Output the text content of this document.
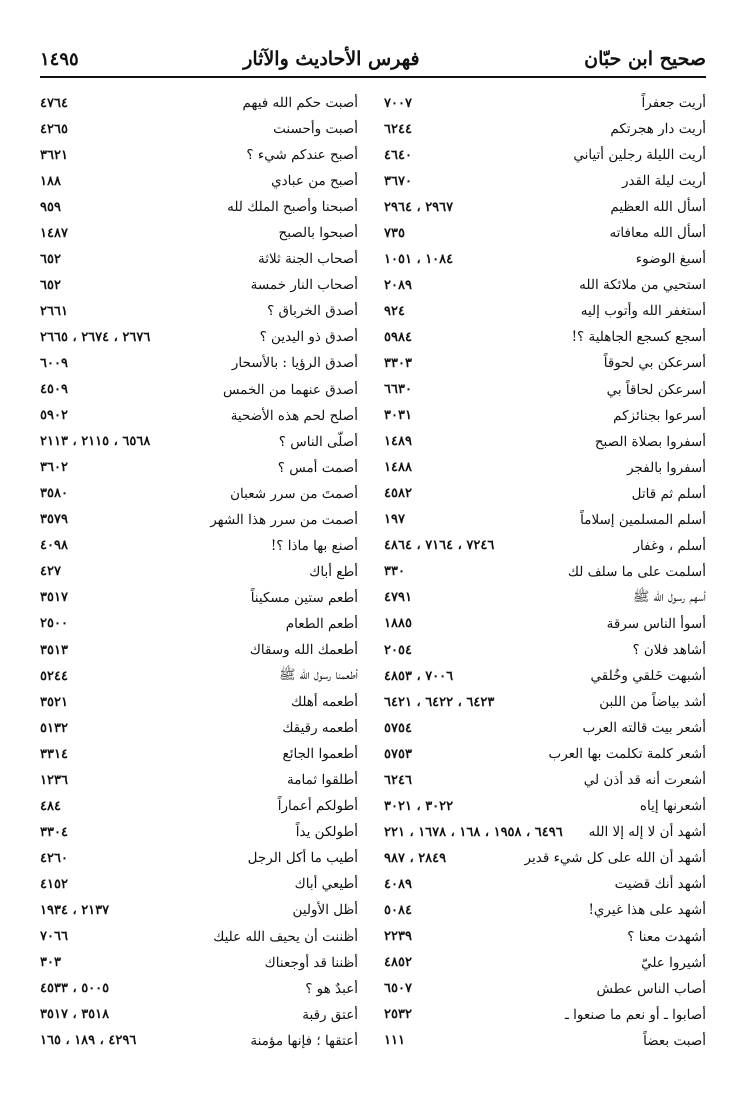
صحيح ابن حبّان
فهرس الأحاديث والآثار
١٤٩٥
أريت جعفراً
٧٠٠٧
أريت دار هجرتكم
٦٢٤٤
أريت الليلة رجلين أتياني
٤٦٤٠
أريت ليلة القدر
٣٦٧٠
أسأل الله العظيم
٢٩٦٧ ، ٢٩٦٤
أسأل الله معافاته
٧٣٥
أسبغ الوضوء
١٠٨٤ ، ١٠٥١
استحيي من ملائكة الله
٢٠٨٩
أستغفر الله وأتوب إليه
٩٢٤
أسجع كسجع الجاهلية ؟!
٥٩٨٤
أسرعكن بي لحوقاً
٣٣٠٣
أسرعكن لحاقاً بي
٦٦٣٠
أسرعوا بجنائزكم
٣٠٣١
أسفروا بصلاة الصبح
١٤٨٩
أسفروا بالفجر
١٤٨٨
أسلم ثم قاتل
٤٥٨٢
أسلم المسلمين إسلاماً
١٩٧
أسلم ، وغفار
٧٢٤٦ ، ٧١٦٤ ، ٤٨٦٤
أسلمت على ما سلف لك
٣٣٠
أسهم رسول الله ﷺ
٤٧٩١
أسوأ الناس سرقة
١٨٨٥
أشاهد فلان ؟
٢٠٥٤
أشبهت خَلقي وخُلقي
٧٠٠٦ ، ٤٨٥٣
أشد بياضاً من اللبن
٦٤٢٣ ، ٦٤٢٢ ، ٦٤٢١
أشعر بيت قالته العرب
٥٧٥٤
أشعر كلمة تكلمت بها العرب
٥٧٥٣
أشعرت أنه قد أذن لي
٦٢٤٦
أشعرنها إياه
٣٠٢٢ ، ٣٠٢١
أشهد أن لا إله إلا الله
٦٤٩٦ ، ١٩٥٨ ، ١٦٨ ، ١٦٧٨ ، ٢٢١
أشهد أن الله على كل شيء قدير
٢٨٤٩ ، ٩٨٧
أشهد أنك قضيت
٤٠٨٩
أشهد على هذا غيري!
٥٠٨٤
أشهدت معنا ؟
٢٢٣٩
أشيروا عليّ
٤٨٥٢
أصاب الناس عطش
٦٥٠٧
أصابوا ـ أو نعم ما صنعوا ـ
٢٥٣٢
أصبت بعضاً
١١١
أصبت حكم الله فيهم
٤٧٦٤
أصبت وأحسنت
٤٢٦٥
أصبح عندكم شيء ؟
٣٦٢١
أصبح من عبادي
١٨٨
أصبحنا وأصبح الملك لله
٩٥٩
أصبحوا بالصبح
١٤٨٧
أصحاب الجنة ثلاثة
٦٥٢
أصحاب النار خمسة
٦٥٢
أصدق الخرباق ؟
٢٦٦١
أصدق ذو اليدين ؟
٢٦٧٦ ، ٢٦٧٤ ، ٢٦٦٥
أصدق الرؤيا : بالأسحار
٦٠٠٩
أصدق عنهما من الخمس
٤٥٠٩
أصلح لحم هذه الأضحية
٥٩٠٢
أصلّى الناس ؟
٦٥٦٨ ، ٢١١٥ ، ٢١١٣
أصمت أمس ؟
٣٦٠٢
أصمتَ من سرر شعبان
٣٥٨٠
أصمت من سرر هذا الشهر
٣٥٧٩
أصنع بها ماذا ؟!
٤٠٩٨
أطع أباك
٤٢٧
أطعم ستين مسكيناً
٣٥١٧
أطعم الطعام
٢٥٠٠
أطعمك الله وسقاك
٣٥١٣
أطعمنا رسول الله ﷺ
٥٢٤٤
أطعمه أهلك
٣٥٢١
أطعمه رقيقك
٥١٣٢
أطعموا الجائع
٣٣١٤
أطلقوا ثمامة
١٢٣٦
أطولكم أعماراً
٤٨٤
أطولكن يداً
٣٣٠٤
أطيب ما أكل الرجل
٤٢٦٠
أطيعي أباك
٤١٥٢
أظل الأولين
٢١٣٧ ، ١٩٣٤
أظننت أن يحيف الله عليك
٧٠٦٦
أظننا قد أوجعناك
٣٠٣
أعبدٌ هو ؟
٥٠٠٥ ، ٤٥٣٣
أعتق رقبة
٣٥١٨ ، ٣٥١٧
أعتقها ؛ فإنها مؤمنة
٤٢٩٦ ، ١٨٩ ، ١٦٥
